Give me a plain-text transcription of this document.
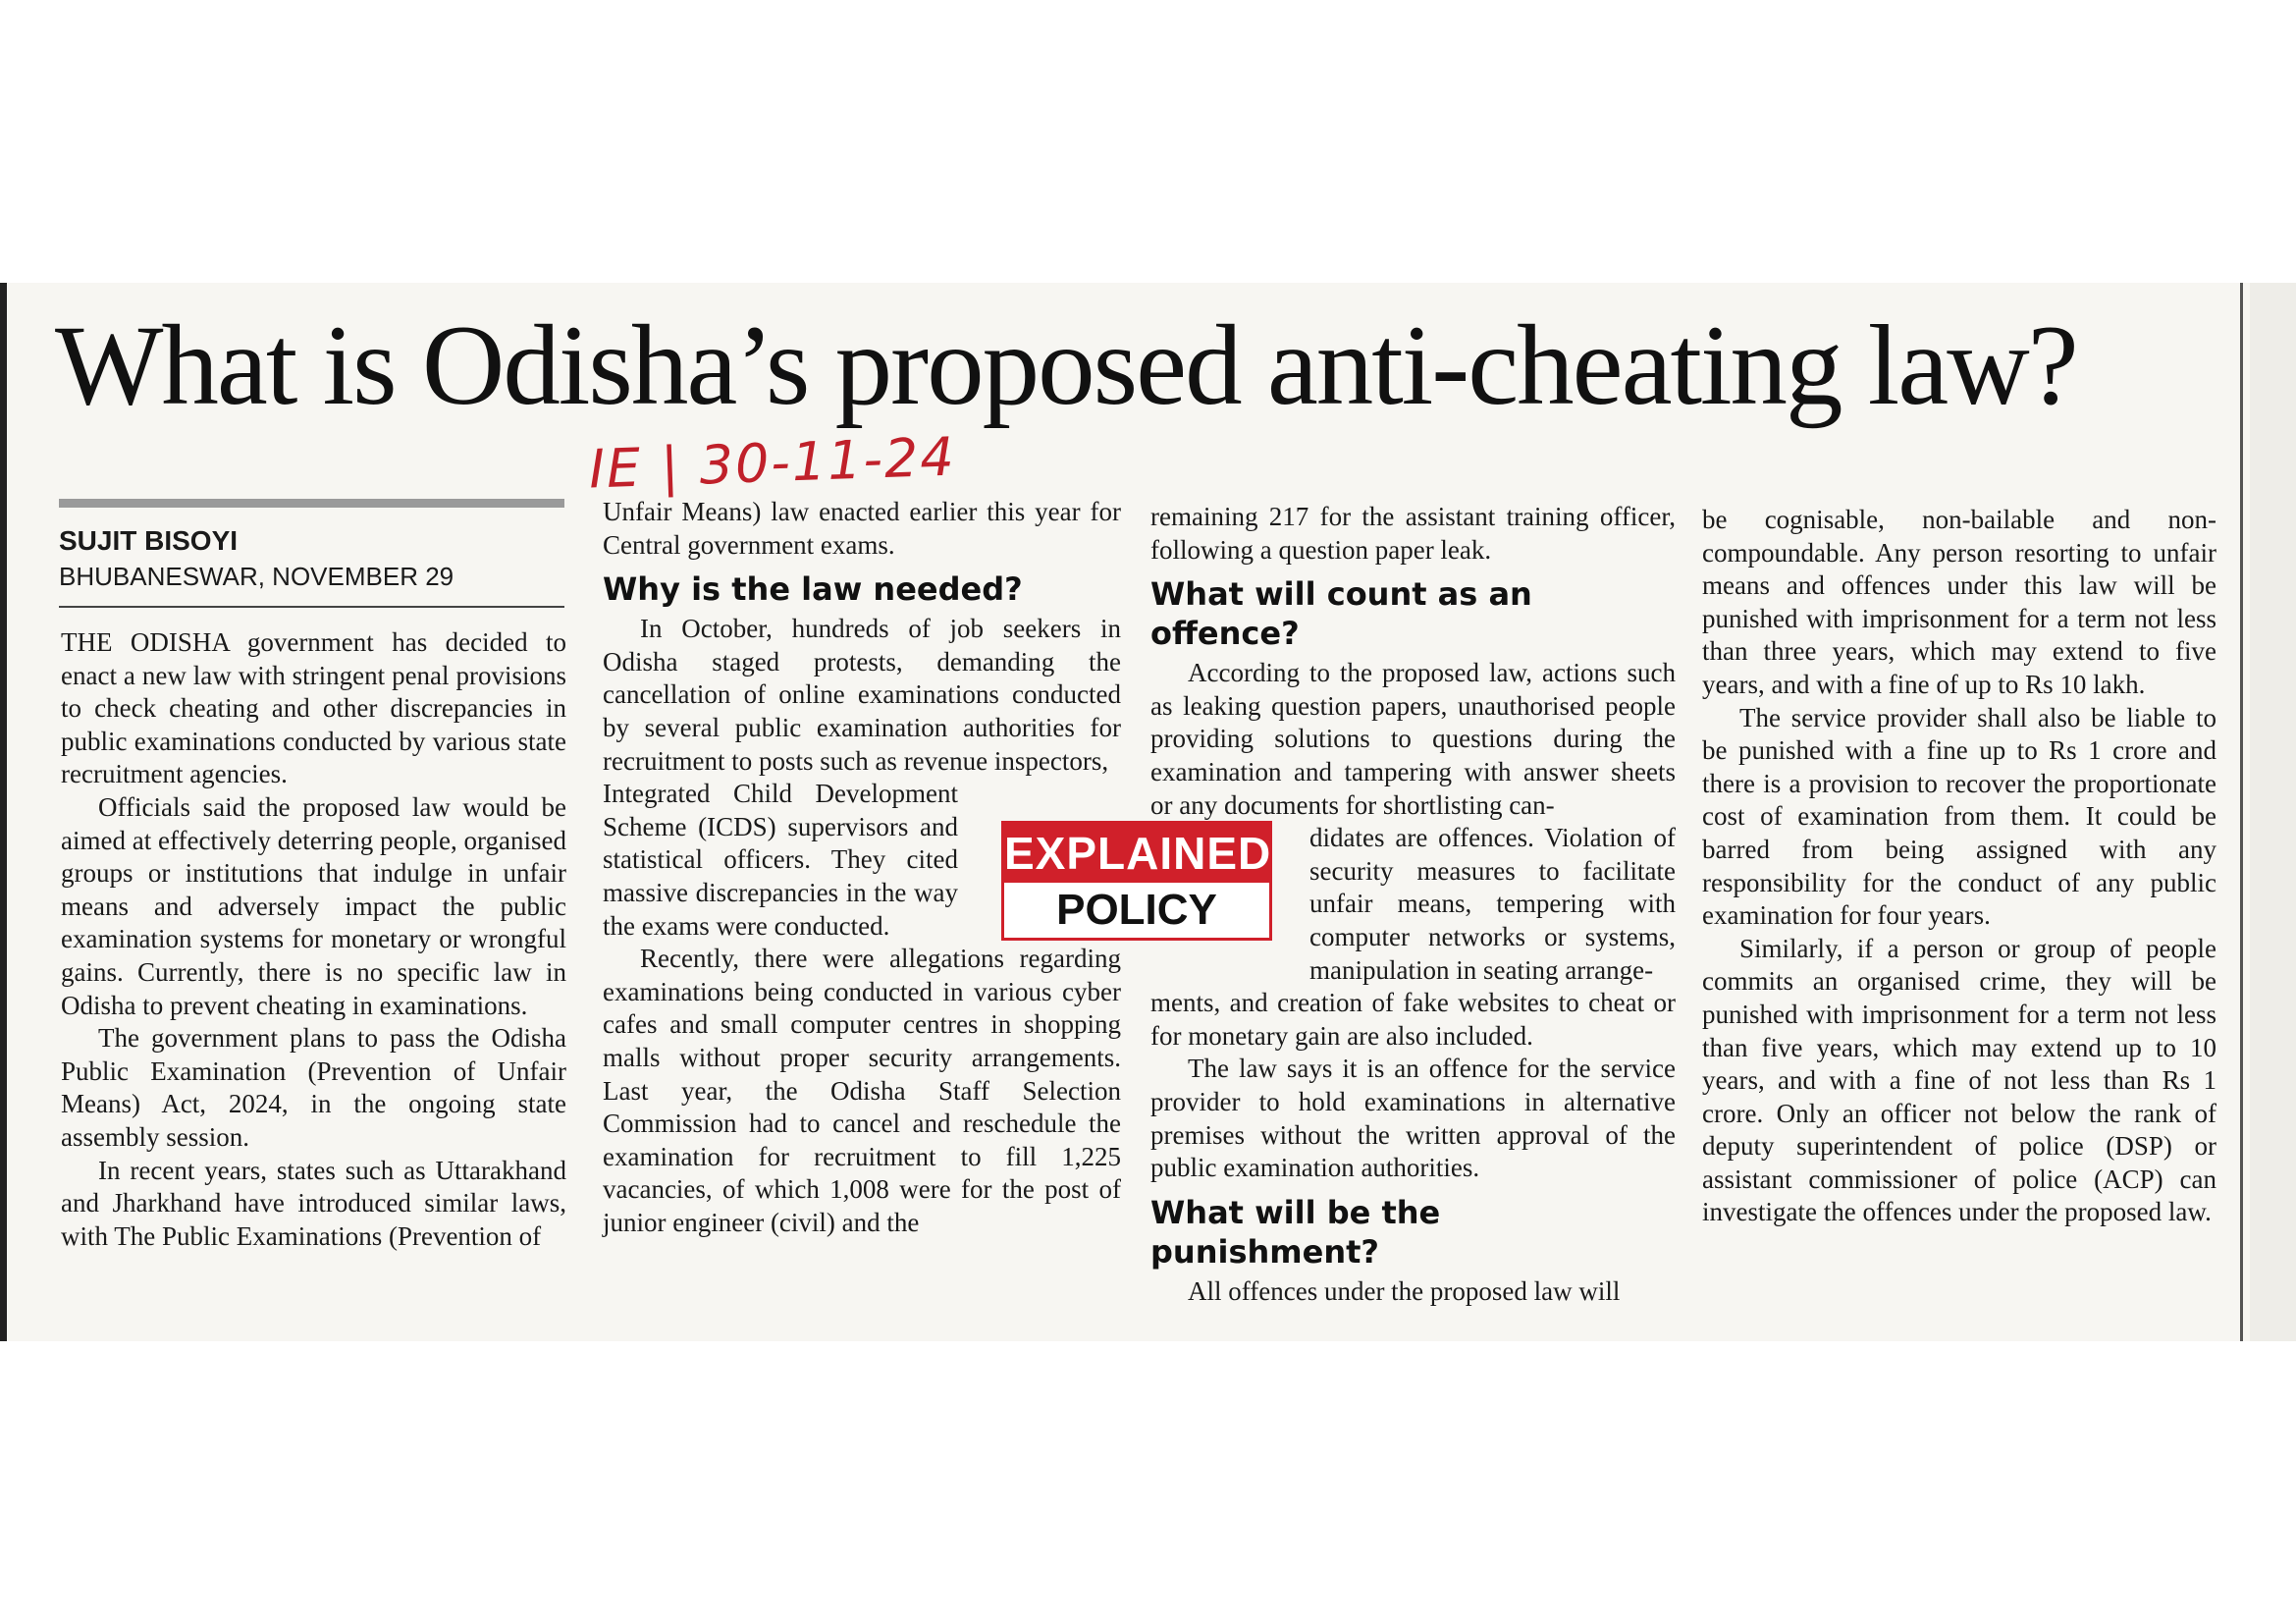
What is Odisha’s proposed anti-cheating law?

IE | 30-11-24

SUJIT BISOYI

BHUBANESWAR, NOVEMBER 29

THE ODISHA government has decided to enact a new law with stringent penal provisions to check cheating and other discrepancies in public examinations conducted by various state recruitment agencies.

Officials said the proposed law would be aimed at effectively deterring people, organised groups or institutions that indulge in unfair means and adversely impact the public examination systems for monetary or wrongful gains. Currently, there is no specific law in Odisha to prevent cheating in examinations.

The government plans to pass the Odisha Public Examination (Prevention of Unfair Means) Act, 2024, in the ongoing state assembly session.

In recent years, states such as Uttarakhand and Jharkhand have introduced similar laws, with The Public Examinations (Prevention of

Unfair Means) law enacted earlier this year for Central government exams.

Why is the law needed?

In October, hundreds of job seekers in Odisha staged protests, demanding the cancellation of online examinations conducted by several public examination authorities for recruitment to posts such as revenue inspectors,

Integrated Child Development Scheme (ICDS) supervisors and statistical officers. They cited massive discrepancies in the way the exams were conducted.

Recently, there were allegations regarding examinations being conducted in various cyber cafes and small computer centres in shopping malls without proper security arrangements. Last year, the Odisha Staff Selection Commission had to cancel and reschedule the examination for recruitment to fill 1,225 vacancies, of which 1,008 were for the post of junior engineer (civil) and the

EXPLAINED
POLICY

remaining 217 for the assistant training officer, following a question paper leak.

What will count as an offence?

According to the proposed law, actions such as leaking question papers, unauthorised people providing solutions to questions during the examination and tampering with answer sheets or any documents for shortlisting can-

didates are offences. Violation of security measures to facilitate unfair means, tempering with computer networks or systems, manipulation in seating arrange-

ments, and creation of fake websites to cheat or for monetary gain are also included.

The law says it is an offence for the service provider to hold examinations in alternative premises without the written approval of the public examination authorities.

What will be the punishment?

All offences under the proposed law will

be cognisable, non-bailable and non-compoundable. Any person resorting to unfair means and offences under this law will be punished with imprisonment for a term not less than three years, which may extend to five years, and with a fine of up to Rs 10 lakh.

The service provider shall also be liable to be punished with a fine up to Rs 1 crore and there is a provision to recover the proportionate cost of examination from them. It could be barred from being assigned with any responsibility for the conduct of any public examination for four years.

Similarly, if a person or group of people commits an organised crime, they will be punished with imprisonment for a term not less than five years, which may extend up to 10 years, and with a fine of not less than Rs 1 crore. Only an officer not below the rank of deputy superintendent of police (DSP) or assistant commissioner of police (ACP) can investigate the offences under the proposed law.
